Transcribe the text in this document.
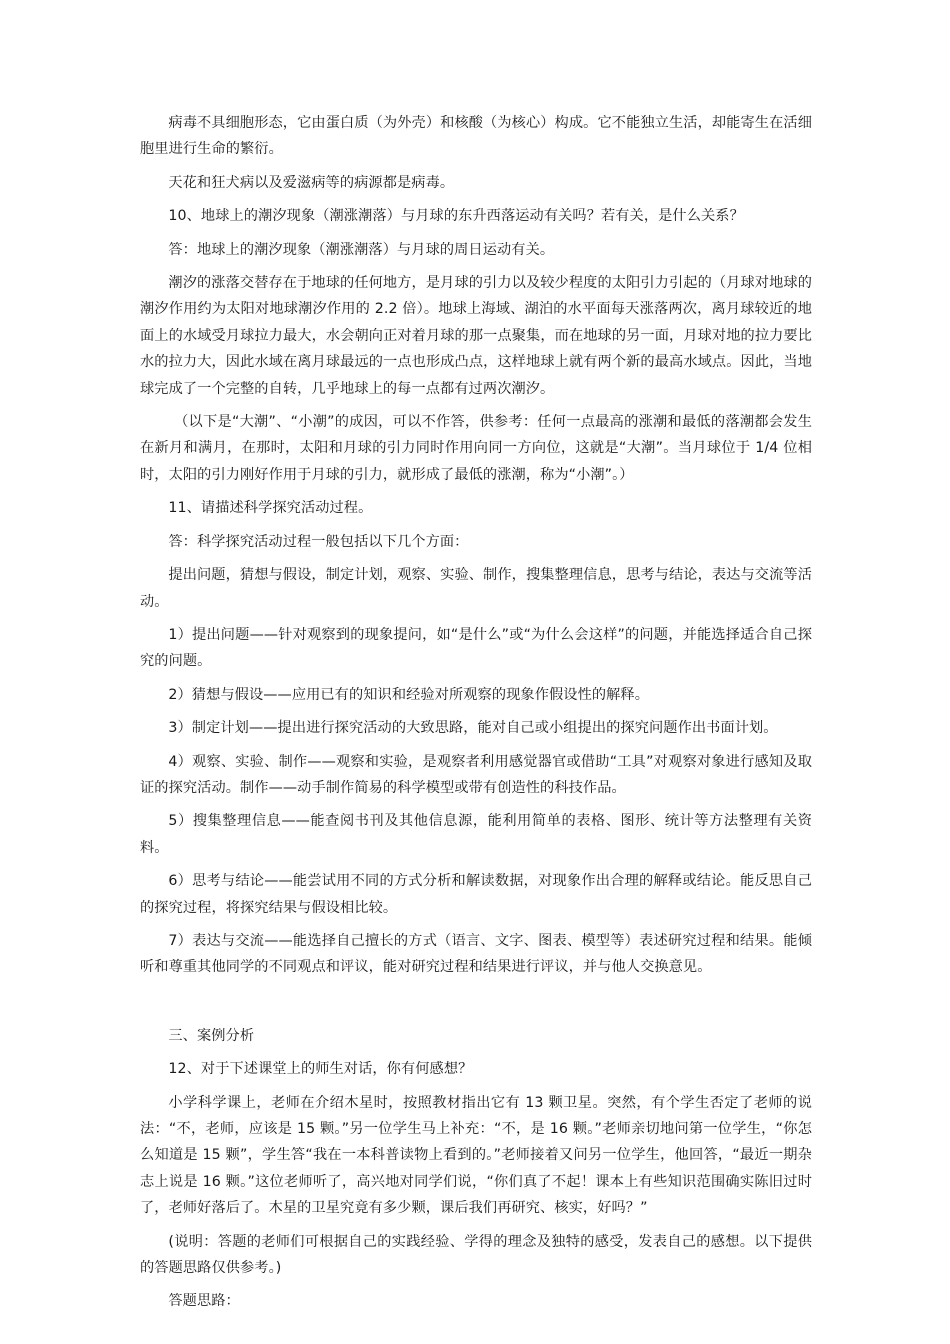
病毒不具细胞形态，它由蛋白质（为外壳）和核酸（为核心）构成。它不能独立生活，却能寄生在活细胞里进行生命的繁衍。

天花和狂犬病以及爱滋病等的病源都是病毒。

10、地球上的潮汐现象（潮涨潮落）与月球的东升西落运动有关吗？若有关，是什么关系？

答：地球上的潮汐现象（潮涨潮落）与月球的周日运动有关。

潮汐的涨落交替存在于地球的任何地方，是月球的引力以及较少程度的太阳引力引起的（月球对地球的潮汐作用约为太阳对地球潮汐作用的 2.2 倍）。地球上海域、湖泊的水平面每天涨落两次，离月球较近的地面上的水域受月球拉力最大，水会朝向正对着月球的那一点聚集，而在地球的另一面，月球对地的拉力要比水的拉力大，因此水域在离月球最远的一点也形成凸点，这样地球上就有两个新的最高水域点。因此，当地球完成了一个完整的自转，几乎地球上的每一点都有过两次潮汐。

（以下是“大潮”、“小潮”的成因，可以不作答，供参考：任何一点最高的涨潮和最低的落潮都会发生在新月和满月，在那时，太阳和月球的引力同时作用向同一方向位，这就是“大潮”。当月球位于 1/4 位相时，太阳的引力刚好作用于月球的引力，就形成了最低的涨潮，称为“小潮”。）

11、请描述科学探究活动过程。

答：科学探究活动过程一般包括以下几个方面：

提出问题，猜想与假设，制定计划，观察、实验、制作，搜集整理信息，思考与结论，表达与交流等活动。

1）提出问题——针对观察到的现象提问，如“是什么”或“为什么会这样”的问题，并能选择适合自己探究的问题。

2）猜想与假设——应用已有的知识和经验对所观察的现象作假设性的解释。

3）制定计划——提出进行探究活动的大致思路，能对自己或小组提出的探究问题作出书面计划。

4）观察、实验、制作——观察和实验，是观察者利用感觉器官或借助“工具”对观察对象进行感知及取证的探究活动。制作——动手制作简易的科学模型或带有创造性的科技作品。

5）搜集整理信息——能查阅书刊及其他信息源，能利用简单的表格、图形、统计等方法整理有关资料。

6）思考与结论——能尝试用不同的方式分析和解读数据，对现象作出合理的解释或结论。能反思自己的探究过程，将探究结果与假设相比较。

7）表达与交流——能选择自己擅长的方式（语言、文字、图表、模型等）表述研究过程和结果。能倾听和尊重其他同学的不同观点和评议，能对研究过程和结果进行评议，并与他人交换意见。

三、案例分析

12、对于下述课堂上的师生对话，你有何感想？

小学科学课上，老师在介绍木星时，按照教材指出它有 13 颗卫星。突然，有个学生否定了老师的说法：“不，老师，应该是 15 颗。”另一位学生马上补充：“不，是 16 颗。”老师亲切地问第一位学生，“你怎么知道是 15 颗”，学生答“我在一本科普读物上看到的。”老师接着又问另一位学生，他回答，“最近一期杂志上说是 16 颗。”这位老师听了，高兴地对同学们说，“你们真了不起！课本上有些知识范围确实陈旧过时了，老师好落后了。木星的卫星究竟有多少颗，课后我们再研究、核实，好吗？”

(说明：答题的老师们可根据自己的实践经验、学得的理念及独特的感受，发表自己的感想。以下提供的答题思路仅供参考。)

答题思路：
